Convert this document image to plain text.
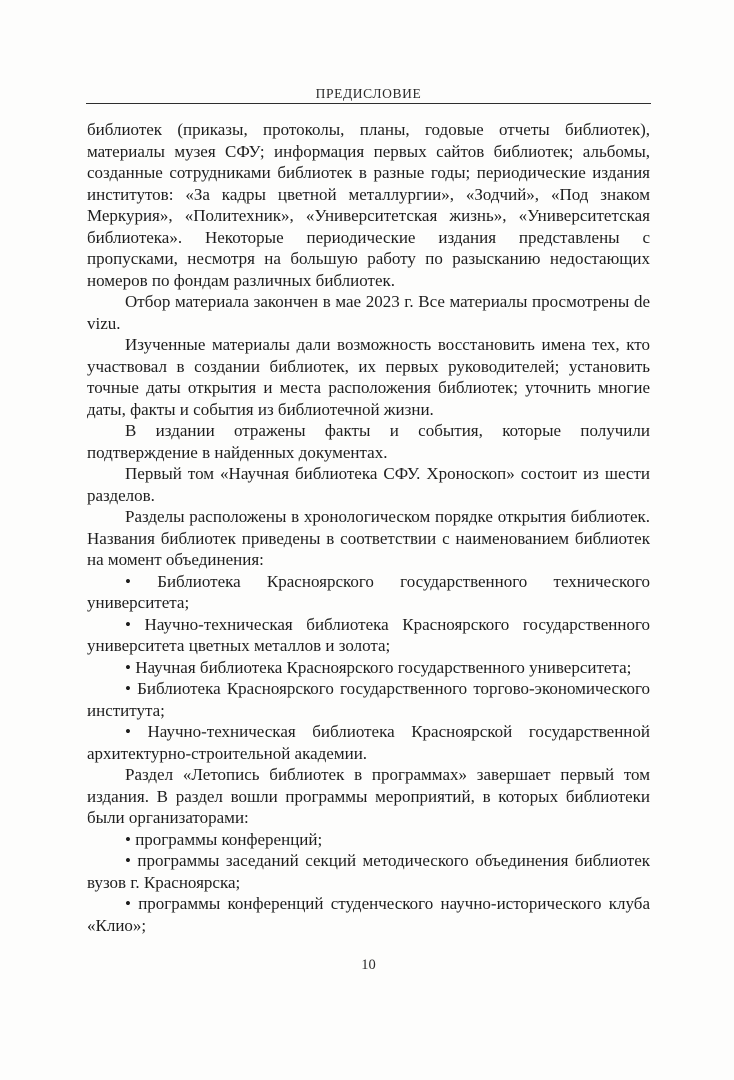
ПРЕДИСЛОВИЕ

библиотек (приказы, протоколы, планы, годовые отчеты библиотек), материалы музея СФУ; информация первых сайтов библиотек; альбомы, созданные сотрудниками библиотек в разные годы; периодические издания институтов: «За кадры цветной металлургии», «Зодчий», «Под знаком Меркурия», «Политехник», «Университетская жизнь», «Университетская библиотека». Некоторые периодические издания представлены с пропусками, несмотря на большую работу по разысканию недостающих номеров по фондам различных библиотек.

Отбор материала закончен в мае 2023 г. Все материалы просмотрены de vizu.

Изученные материалы дали возможность восстановить имена тех, кто участвовал в создании библиотек, их первых руководителей; установить точные даты открытия и места расположения библиотек; уточнить многие даты, факты и события из библиотечной жизни.

В издании отражены факты и события, которые получили подтверждение в найденных документах.

Первый том «Научная библиотека СФУ. Хроноскоп» состоит из шести разделов.

Разделы расположены в хронологическом порядке открытия библиотек. Названия библиотек приведены в соответствии с наименованием библиотек на момент объединения:

• Библиотека Красноярского государственного технического университета;

• Научно-техническая библиотека Красноярского государственного университета цветных металлов и золота;

• Научная библиотека Красноярского государственного университета;

• Библиотека Красноярского государственного торгово-экономического института;

• Научно-техническая библиотека Красноярской государственной архитектурно-строительной академии.

Раздел «Летопись библиотек в программах» завершает первый том издания. В раздел вошли программы мероприятий, в которых библиотеки были организаторами:

• программы конференций;

• программы заседаний секций методического объединения библиотек вузов г. Красноярска;

• программы конференций студенческого научно-исторического клуба «Клио»;

10
